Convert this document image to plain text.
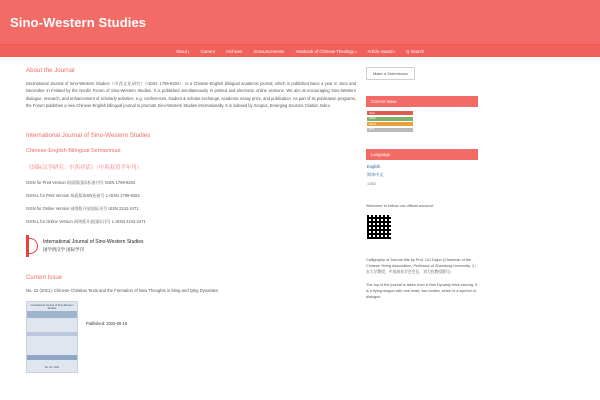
Sino-Western Studies
About▾	Current	Archives	Announcements	Yearbook of Chinese Theology▾	Article Award▾	Q Search
About the Journal

International Journal of Sino-Western Studies（中西文化研究）（ISSN: 1799-8204） is a Chinese-English bilingual academic journal, which is published twice a year in June and December in Finland by the Nordic Forum of Sino-Western Studies. It is published simultaneously in printed and electronic online versions. We aim at encouraging Sino-Western dialogue, research, and enhancement of scholarly activities, e.g. conferences, student & scholar exchange, academic essay prize, and publication. As part of its publication programs, the Forum publishes a new Chinese-English bilingual journal to promote Sino-Western Studies internationally. It is indexed by Scopus, Emerging Sources Citation Index.

International Journal of Sino-Western Studies
Chinese-English Bilingual Semiannual
《国际汉学研究：中西对话》（中英双语半年刊）
ISSN for Print Version 纸质版国际标准刊号 ISSN 1799-8204
ISSN-L for Print Version 纸质版ISSN连接号 L-ISSN 1799-8204
ISSN for Online Version 网络版开放国际刊号 ISSN 2242-2471
ISSN-L for Online Version 网络版开放国际刊号 L-ISSN 2242-2471
International Journal of Sino-Western Studies
国学西汉学 国际学刊
Current Issue
No. 22 (2021): Chinese Christian Texts and the Formation of New Thoughts in Ming and Qing Dynasties
International Journal of Sino-Western Studies
No. 22 / 2021
Published: 2022-05-15
Make a Submission
Current Issue
Atom
RSS2
RSS1
RSS
Language
English
简体中文
1/362

Welcome to follow our official account:

Calligraphy of Journal title by Prof. LIU Dajun (Chairman of the Chinese Yixing Association, Professor of Shandong University, 山东大学教授，中国周易学会会长，刘大钧教授题写)

The top of the journal is taken from a Han Dynasty brick carving. It is a flying dragon with one head, two bodies, which is a symbol of dialogue.
